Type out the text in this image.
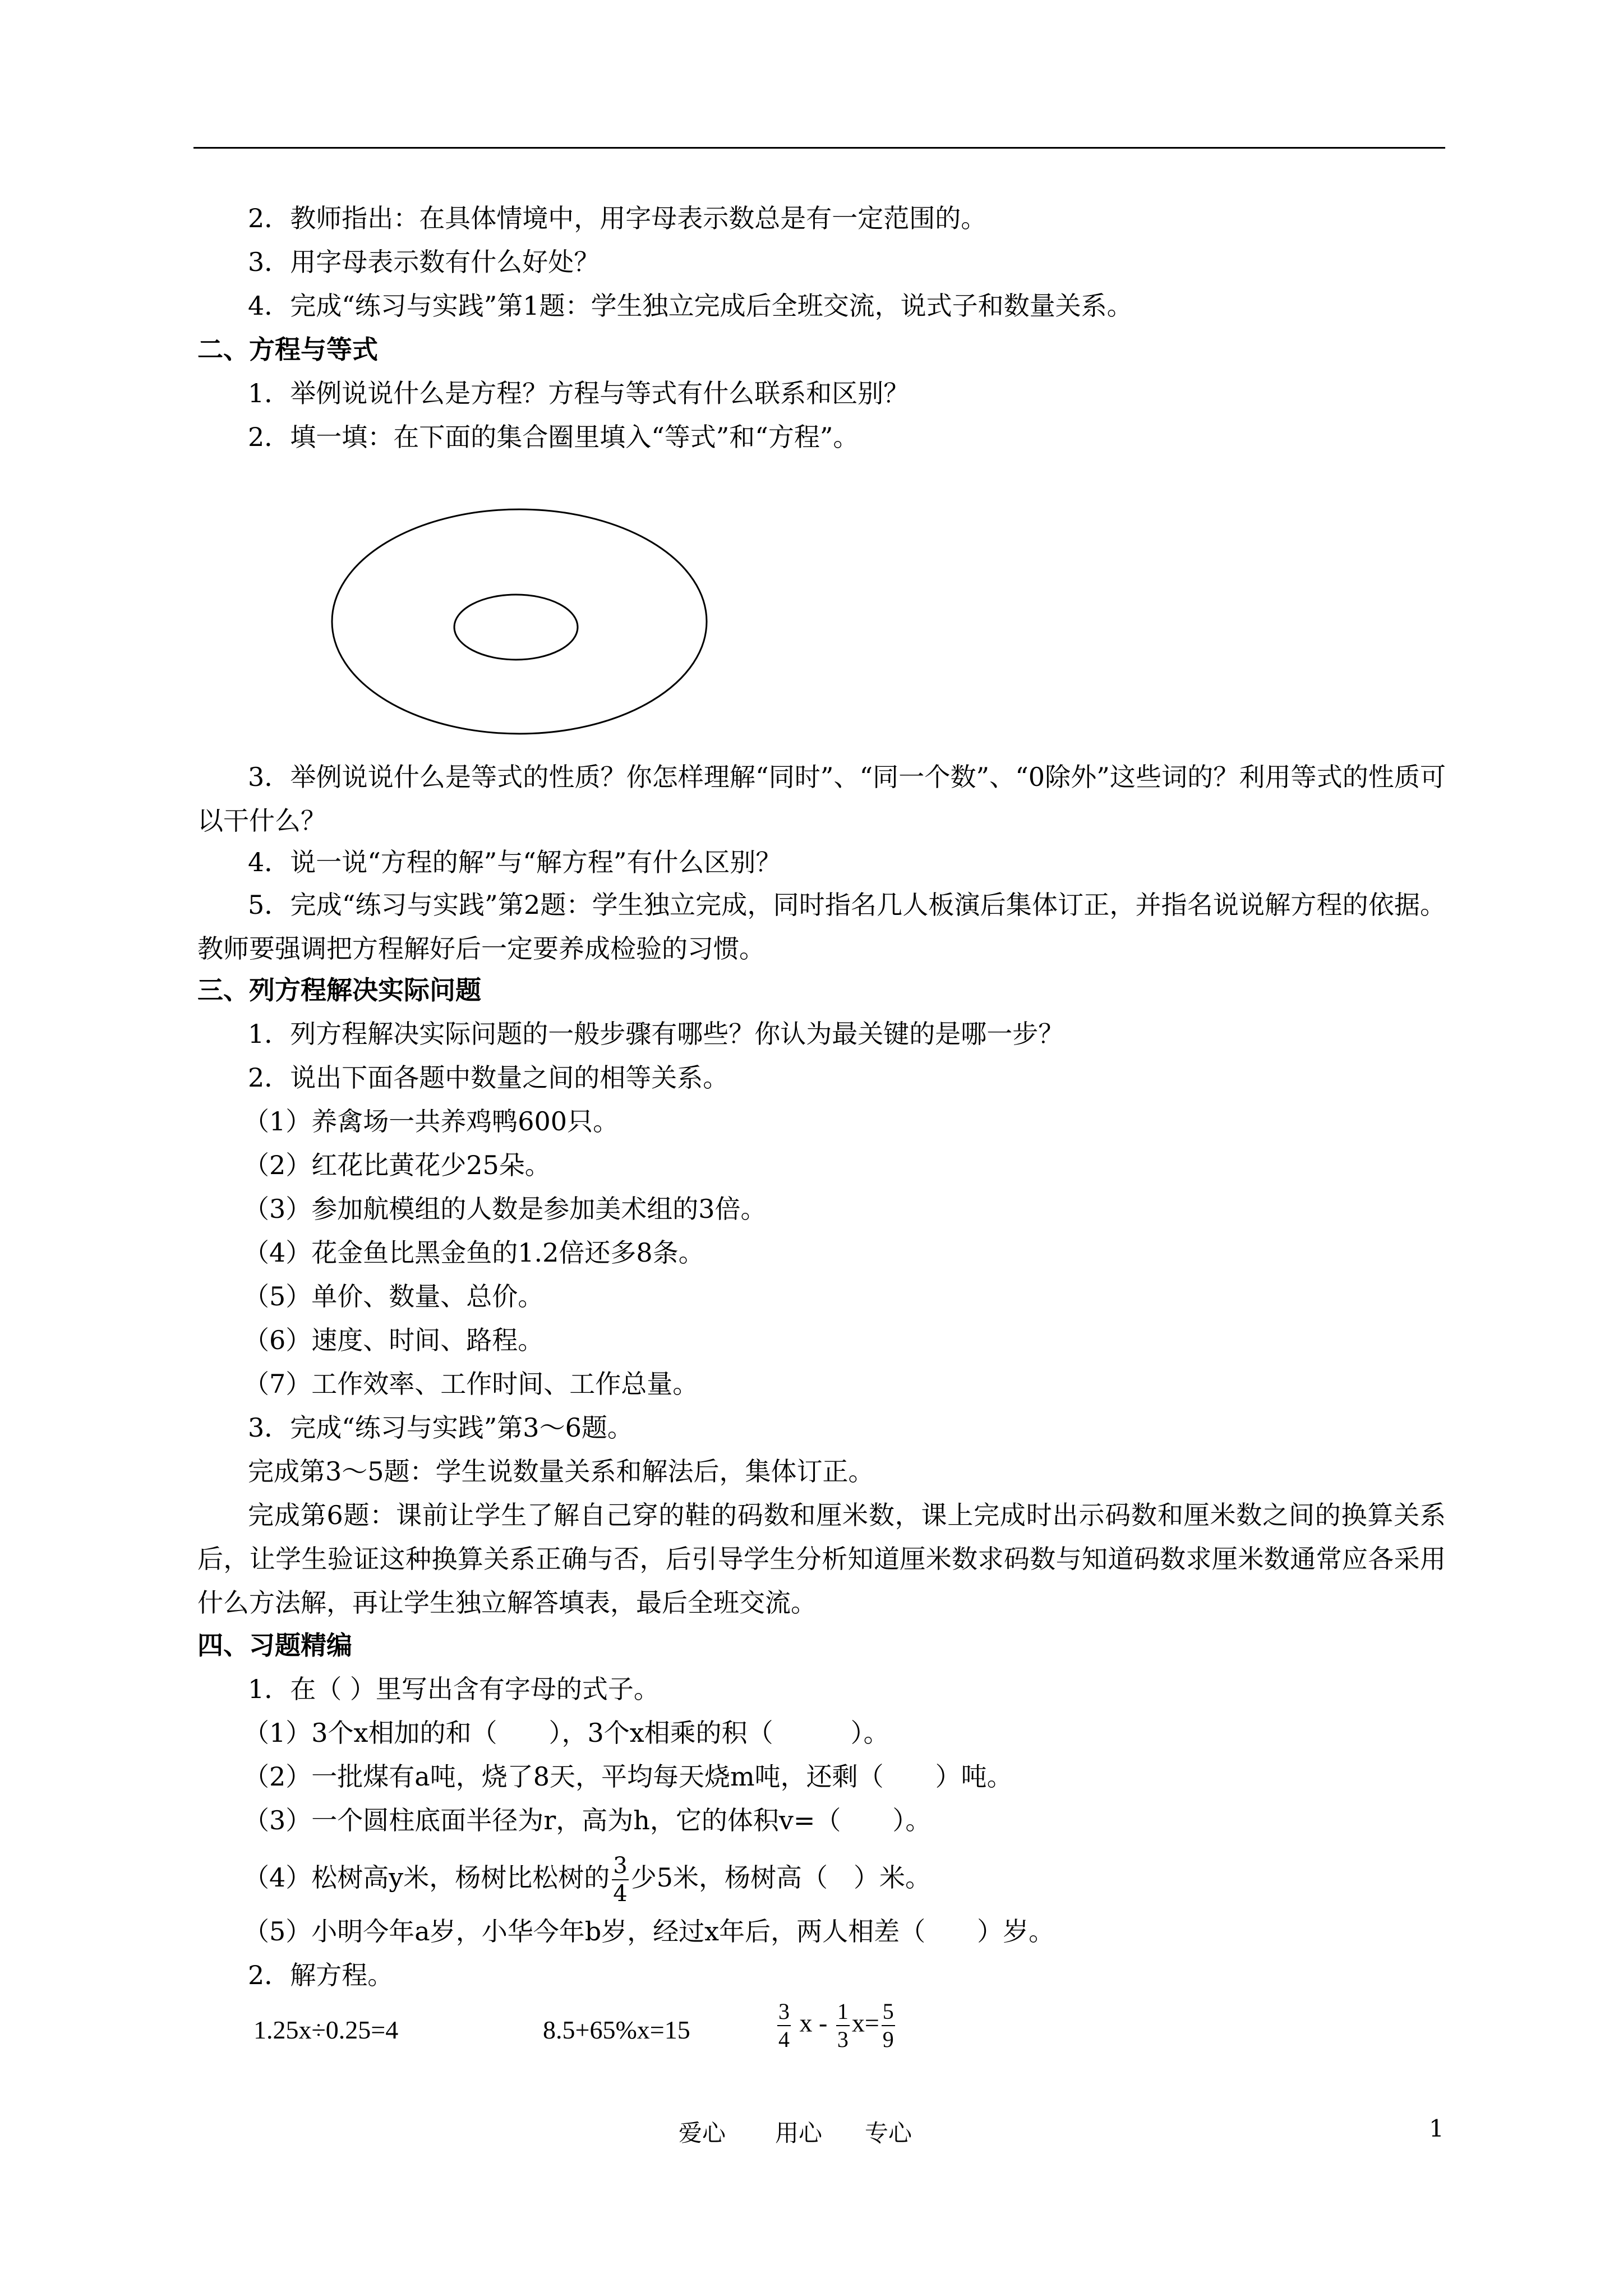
2．教师指出：在具体情境中，用字母表示数总是有一定范围的。
3．用字母表示数有什么好处？
4．完成“练习与实践”第1题：学生独立完成后全班交流，说式子和数量关系。
二、方程与等式
1．举例说说什么是方程？方程与等式有什么联系和区别？
2．填一填：在下面的集合圈里填入“等式”和“方程”。
3．举例说说什么是等式的性质？你怎样理解“同时”、“同一个数”、“0除外”这些词的？利用等式的性质可以干什么？
4．说一说“方程的解”与“解方程”有什么区别？
5．完成“练习与实践”第2题：学生独立完成，同时指名几人板演后集体订正，并指名说说解方程的依据。教师要强调把方程解好后一定要养成检验的习惯。
三、列方程解决实际问题
1．列方程解决实际问题的一般步骤有哪些？你认为最关键的是哪一步？
2．说出下面各题中数量之间的相等关系。
（1）养禽场一共养鸡鸭600只。
（2）红花比黄花少25朵。
（3）参加航模组的人数是参加美术组的3倍。
（4）花金鱼比黑金鱼的1.2倍还多8条。
（5）单价、数量、总价。
（6）速度、时间、路程。
（7）工作效率、工作时间、工作总量。
3．完成“练习与实践”第3～6题。
完成第3～5题：学生说数量关系和解法后，集体订正。
完成第6题：课前让学生了解自己穿的鞋的码数和厘米数，课上完成时出示码数和厘米数之间的换算关系后，让学生验证这种换算关系正确与否，后引导学生分析知道厘米数求码数与知道码数求厘米数通常应各采用什么方法解，再让学生独立解答填表，最后全班交流。
四、习题精编
1．在（ ）里写出含有字母的式子。
（1）3个x相加的和（　　），3个x相乘的积（　　　）。
（2）一批煤有a吨，烧了8天，平均每天烧m吨，还剩（　　）吨。
（3）一个圆柱底面半径为r，高为h，它的体积v=（　　）。
（4）松树高y米，杨树比松树的 $\frac{3}{4}$ 少5米，杨树高（　）米。
（5）小明今年a岁，小华今年b岁，经过x年后，两人相差（　　）岁。
2．解方程。
1.25x÷0.25=4	8.5+65%x=15	$\frac{3}{4}$ $x - \frac{1}{3} x= \frac{5}{9}$
爱心 用心 专心	1
